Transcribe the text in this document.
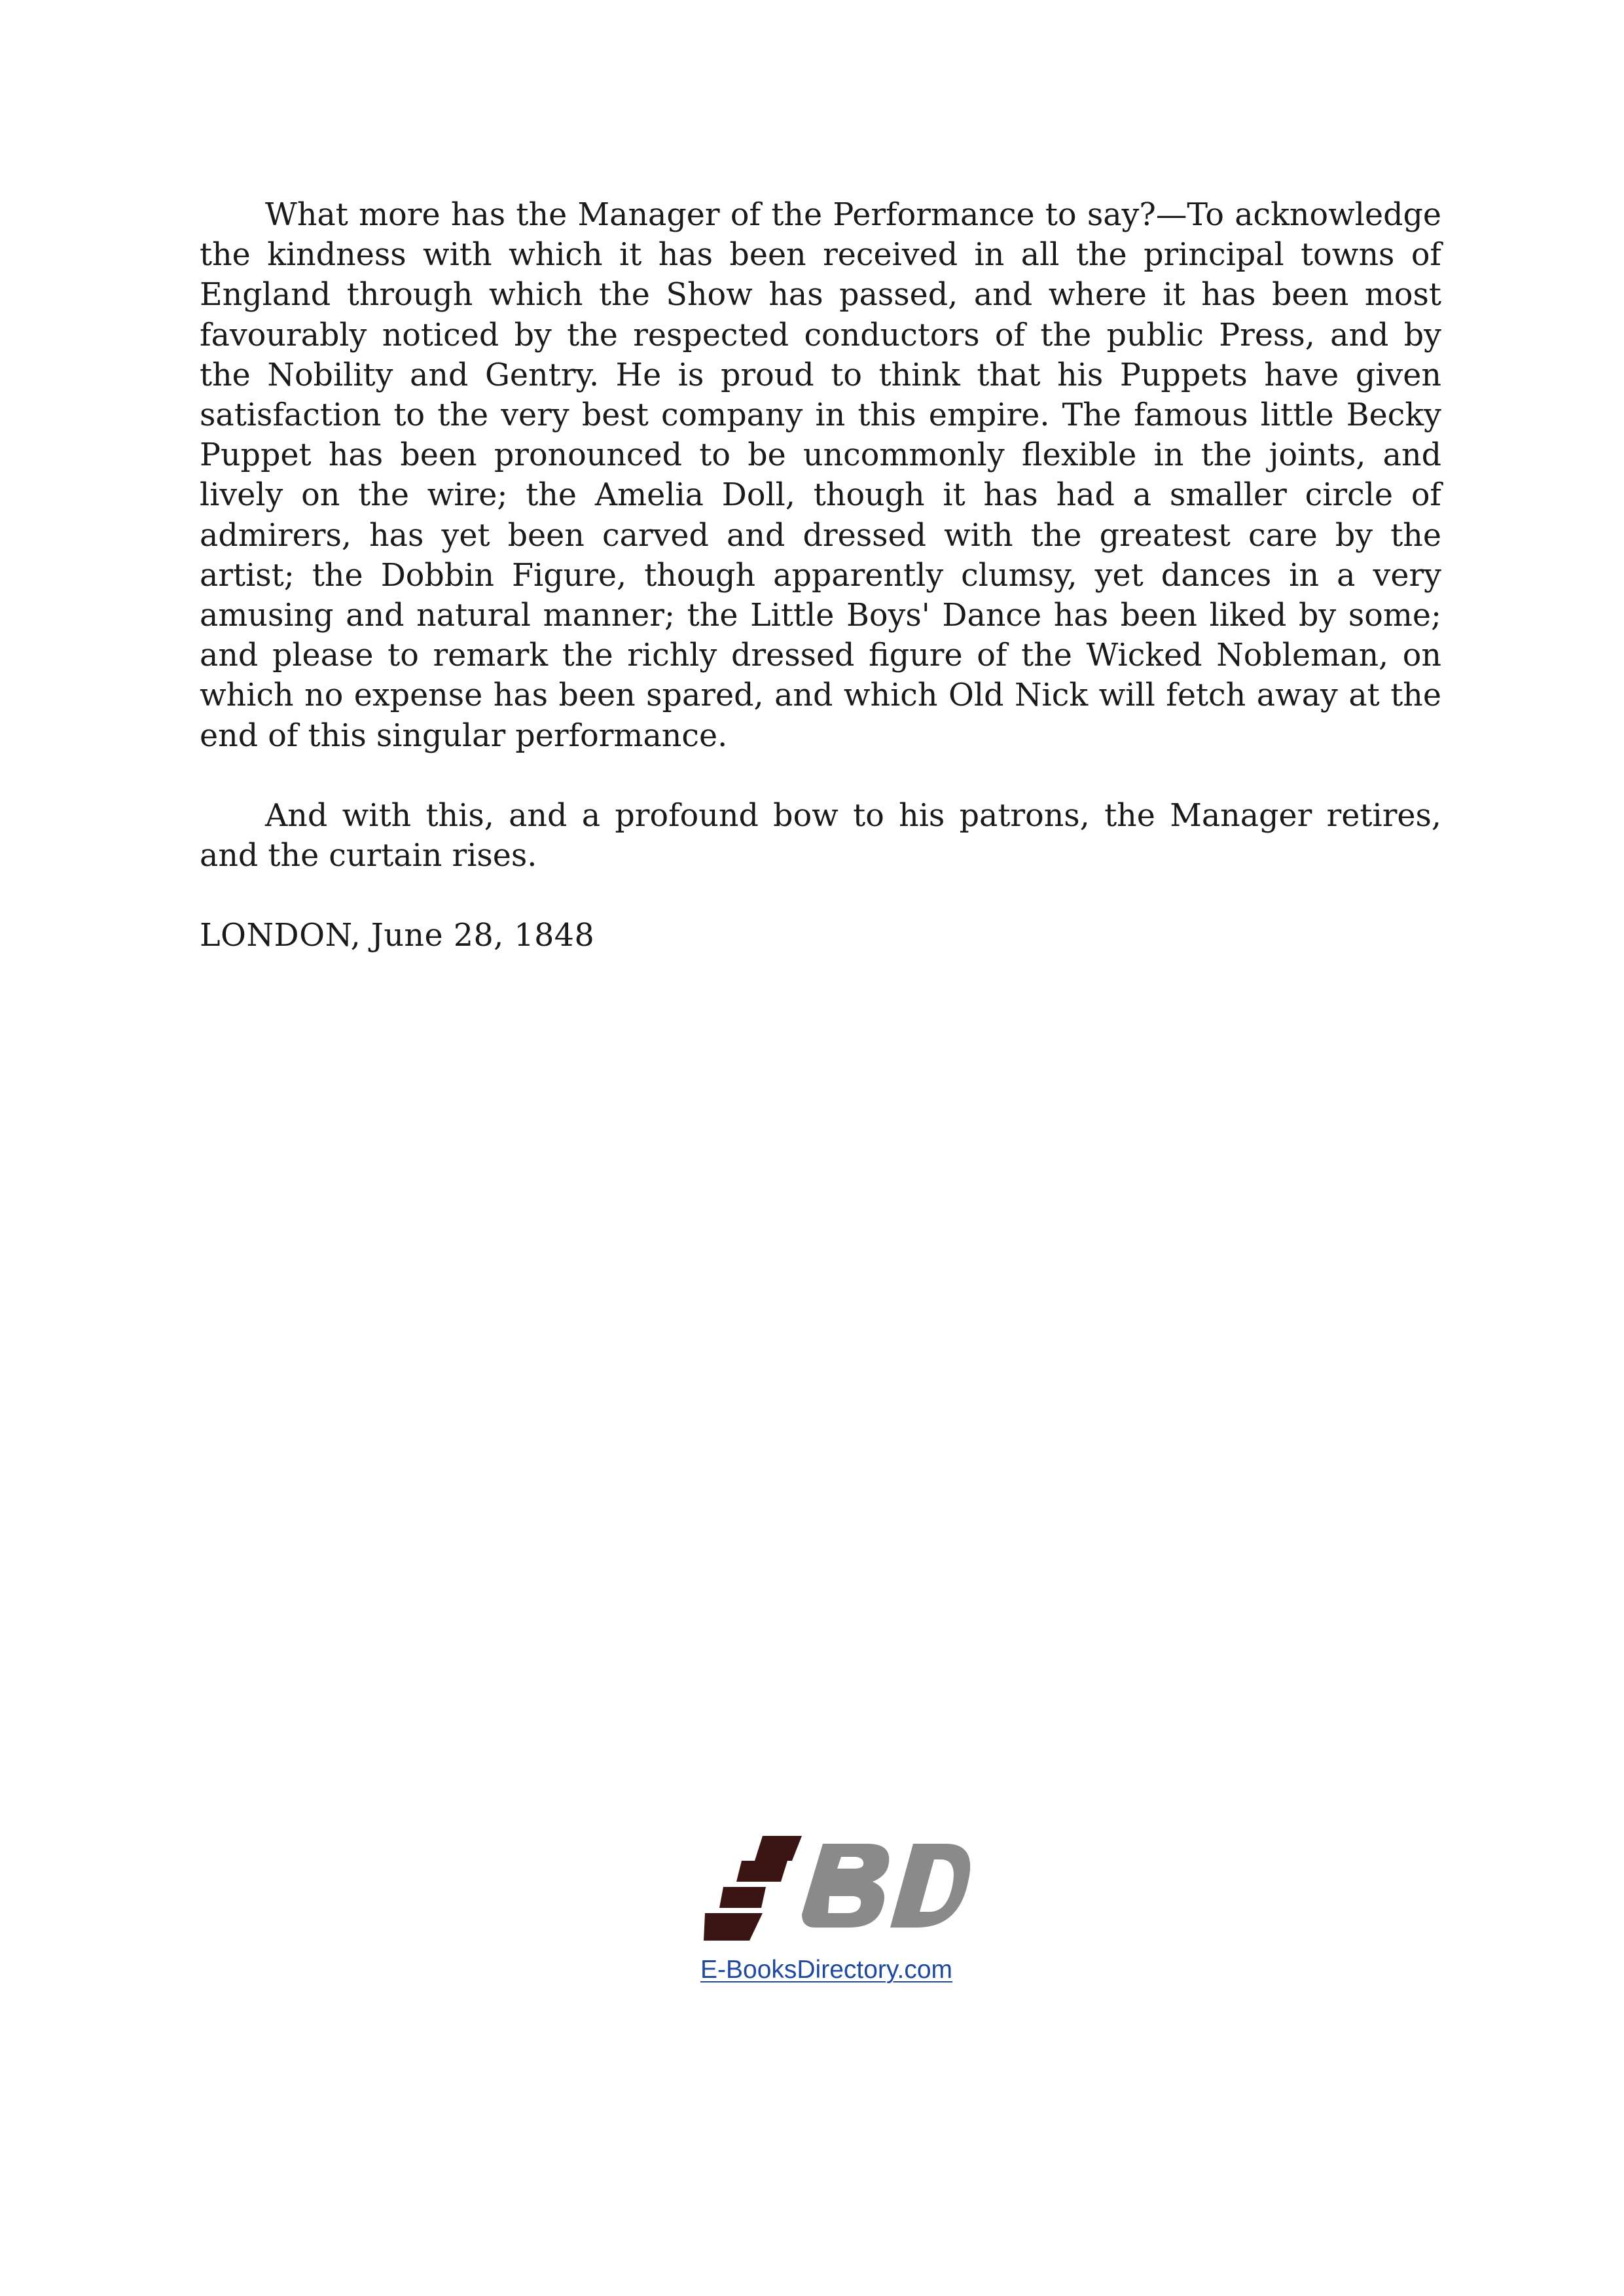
What more has the Manager of the Performance to say?—To acknowledge the kindness with which it has been received in all the principal towns of England through which the Show has passed, and where it has been most favourably noticed by the respected conductors of the public Press, and by the Nobility and Gentry. He is proud to think that his Puppets have given satisfaction to the very best company in this empire. The famous little Becky Puppet has been pronounced to be uncommonly flexible in the joints, and lively on the wire; the Amelia Doll, though it has had a smaller circle of admirers, has yet been carved and dressed with the greatest care by the artist; the Dobbin Figure, though apparently clumsy, yet dances in a very amusing and natural manner; the Little Boys' Dance has been liked by some; and please to remark the richly dressed figure of the Wicked Nobleman, on which no expense has been spared, and which Old Nick will fetch away at the end of this singular performance.

And with this, and a profound bow to his patrons, the Manager retires, and the curtain rises.

LONDON, June 28, 1848

E-BooksDirectory.com
